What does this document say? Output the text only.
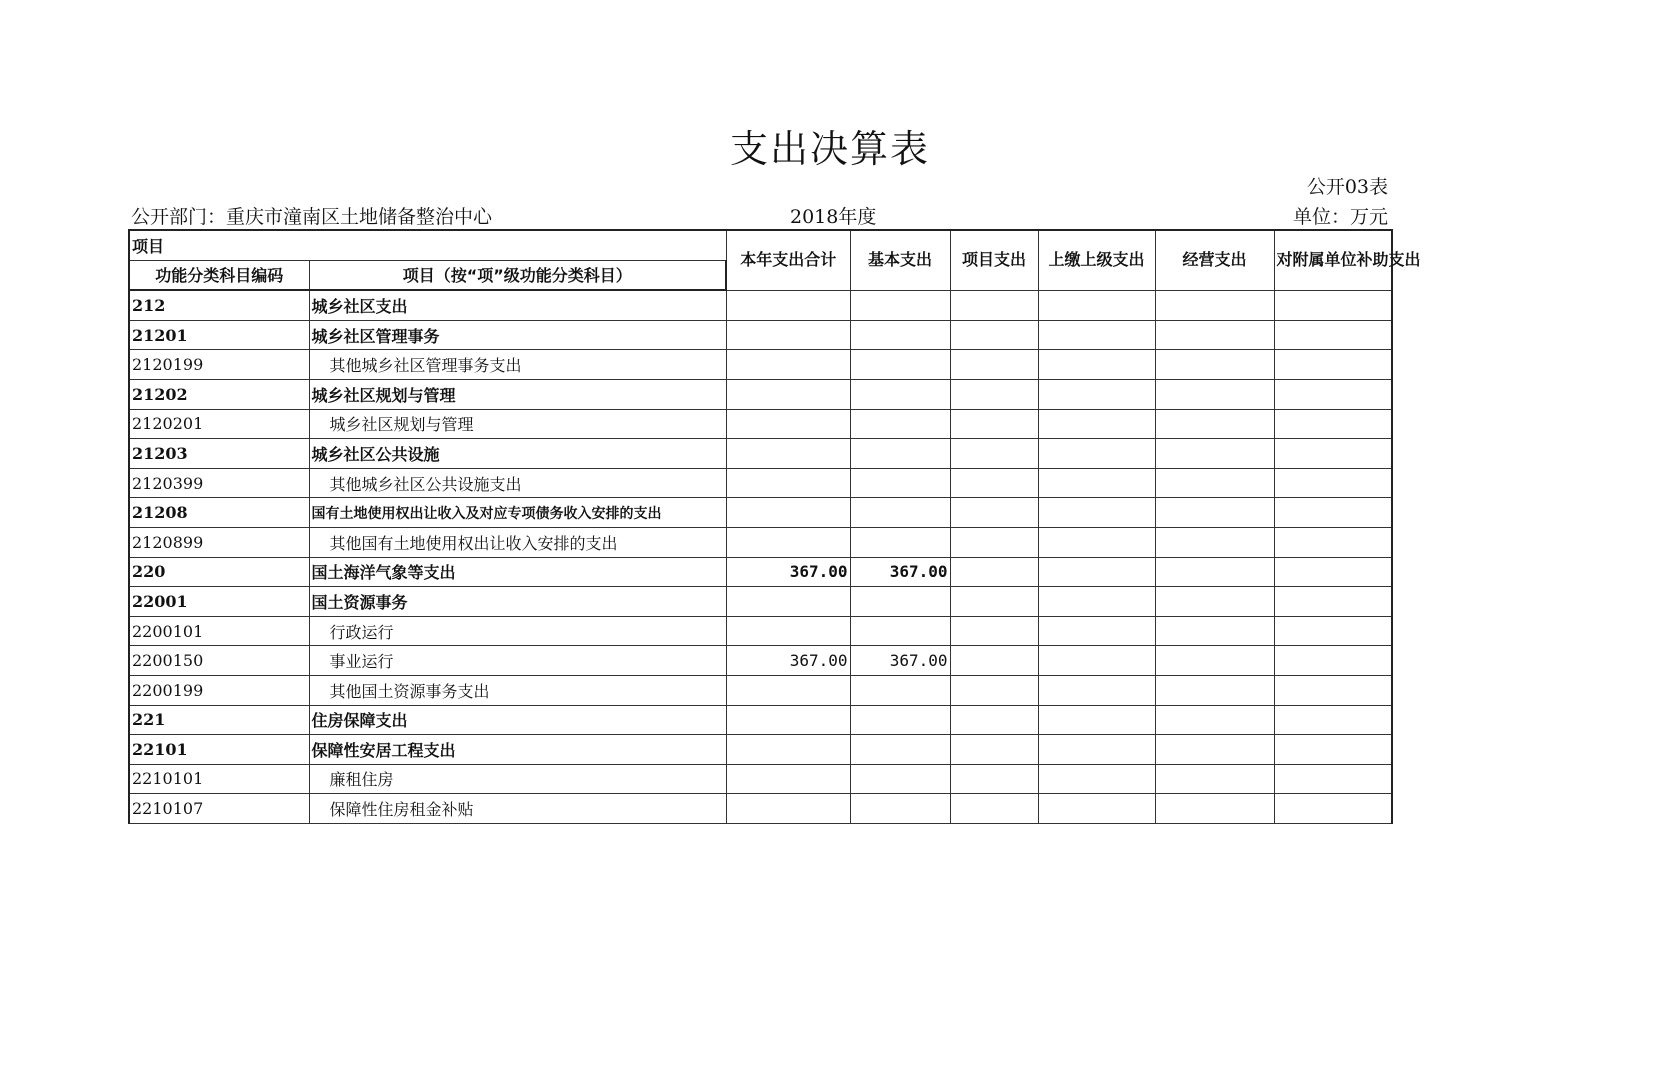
支出决算表
公开03表
公开部门：重庆市潼南区土地储备整治中心	2018年度	单位：万元
项目		本年支出合计	基本支出	项目支出	上缴上级支出	经营支出	对附属单位补助支出
功能分类科目编码	项目（按“项”级功能分类科目）						
212	城乡社区支出						
21201	城乡社区管理事务						
2120199	其他城乡社区管理事务支出						
21202	城乡社区规划与管理						
2120201	城乡社区规划与管理						
21203	城乡社区公共设施						
2120399	其他城乡社区公共设施支出						
21208	国有土地使用权出让收入及对应专项债务收入安排的支出						
2120899	其他国有土地使用权出让收入安排的支出						
220	国土海洋气象等支出	367.00	367.00				
22001	国土资源事务						
2200101	行政运行						
2200150	事业运行	367.00	367.00				
2200199	其他国土资源事务支出						
221	住房保障支出						
22101	保障性安居工程支出						
2210101	廉租住房						
2210107	保障性住房租金补贴						
